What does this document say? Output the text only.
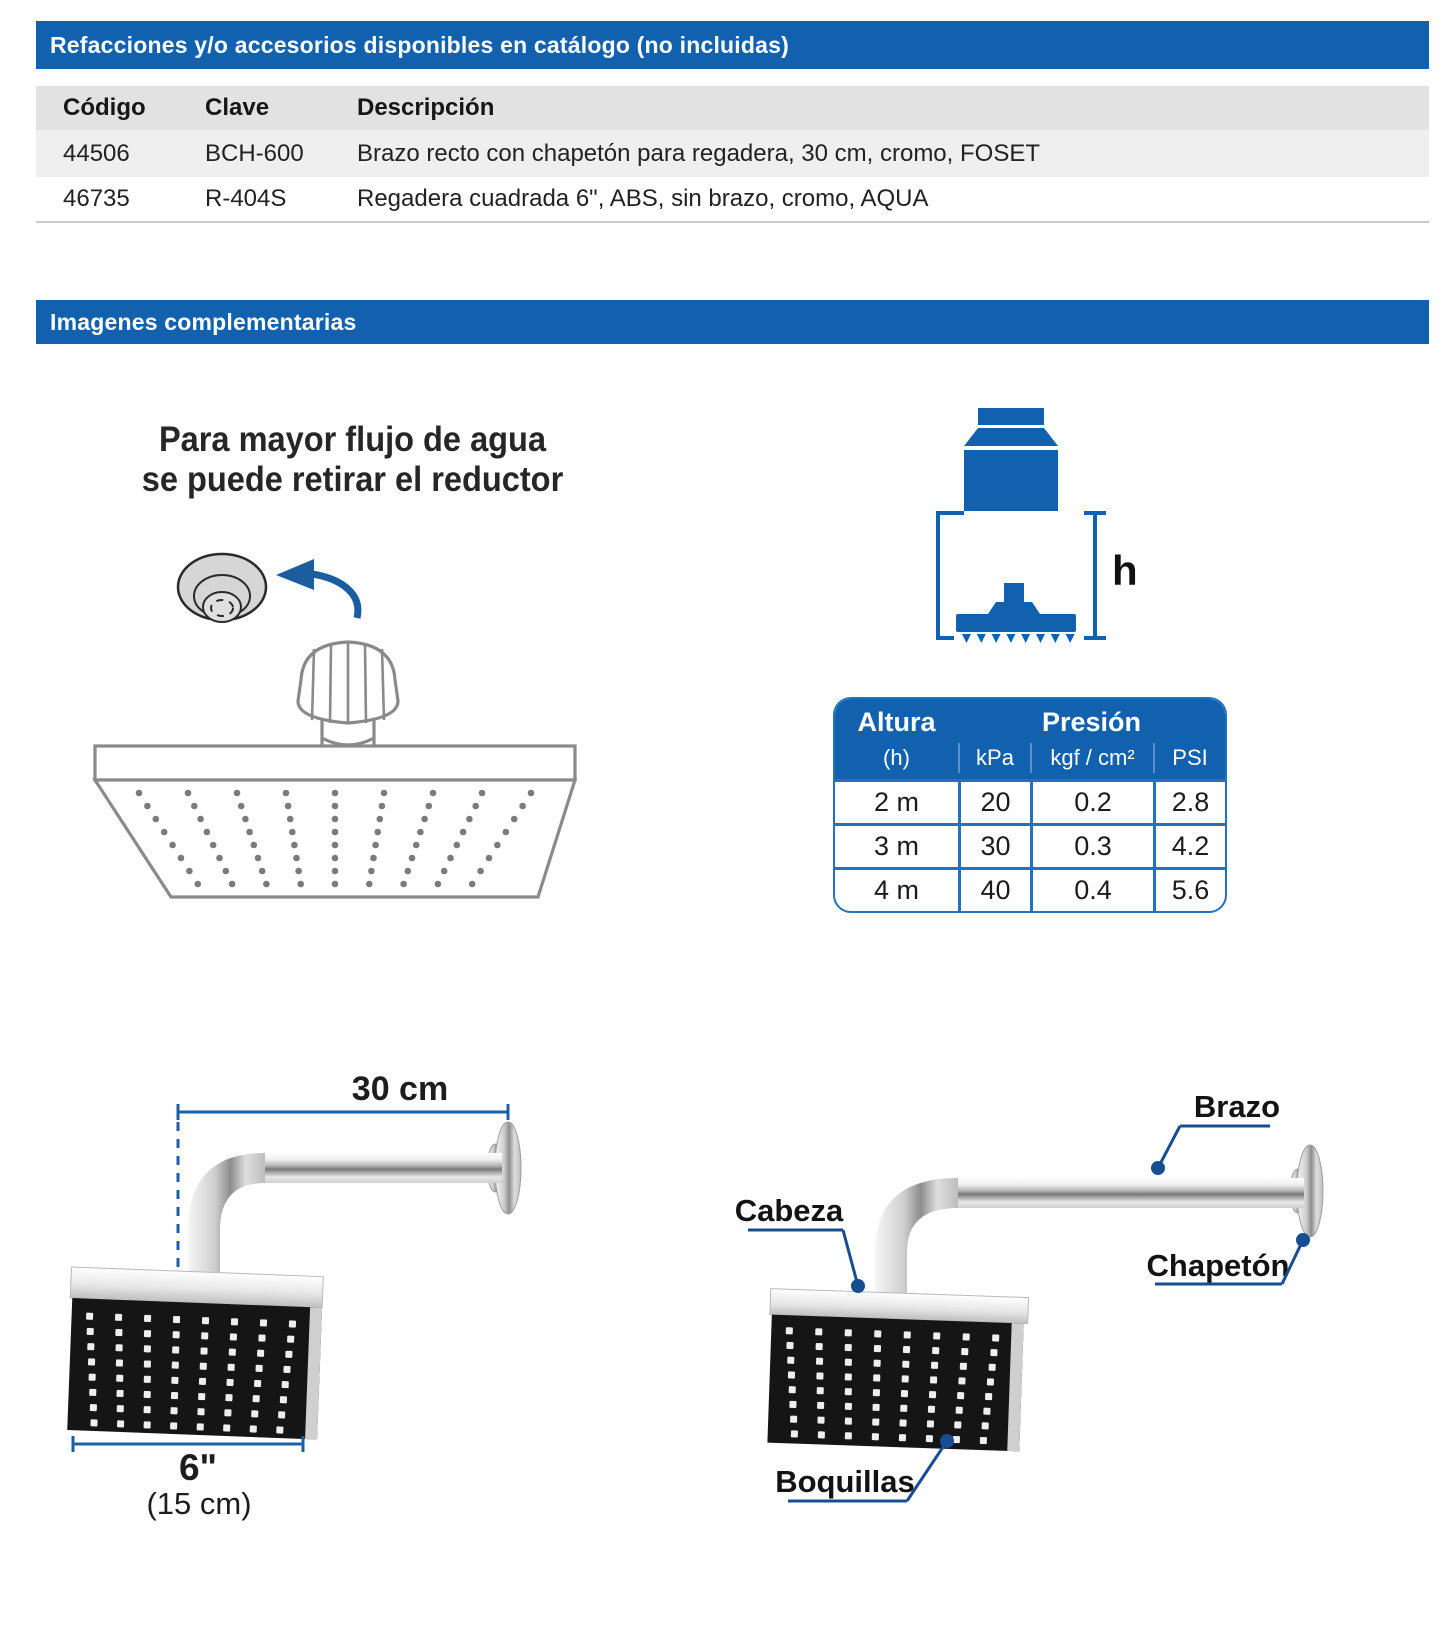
Refacciones y/o accesorios disponibles en catálogo (no incluidas)
Código	Clave	Descripción
44506	BCH-600	Brazo recto con chapetón para regadera, 30 cm, cromo, FOSET
46735	R-404S	Regadera cuadrada 6", ABS, sin brazo, cromo, AQUA
Imagenes complementarias
Para mayor flujo de agua
se puede retirar el reductor
h
Altura	Presión
(h)	kPa	kgf / cm²	PSI
2 m	20	0.2	2.8
3 m	30	0.3	4.2
4 m	40	0.4	5.6
30 cm
6"
(15 cm)
Brazo
Cabeza
Chapetón
Boquillas
